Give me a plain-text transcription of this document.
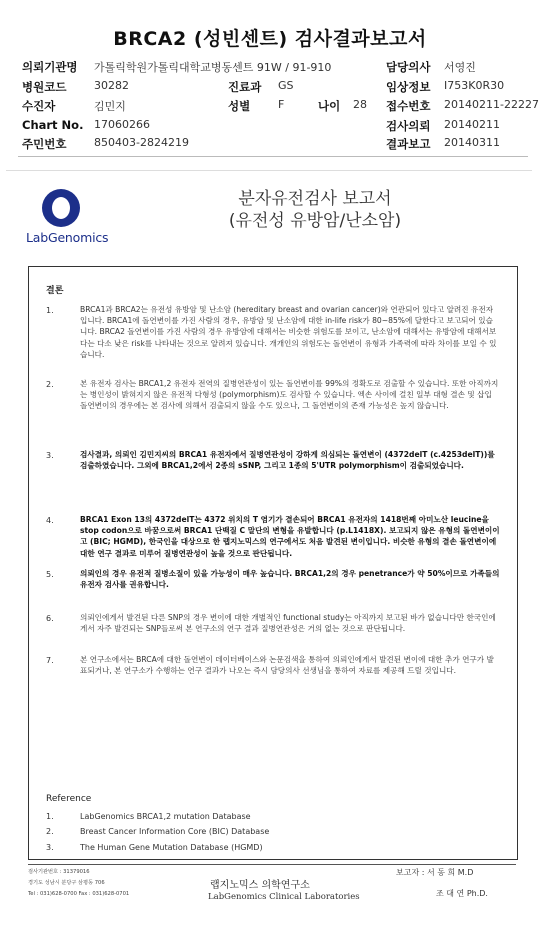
BRCA2 (성빈센트) 검사결과보고서
의뢰기관명 가톨릭학원가톨릭대학교병동센트 91W / 91-910	담당의사 서영진
병원코드	30282	진료과 GS	임상정보 I753K0R30
수진자	김민지	성별	F	나이 28 접수번호 20140211-22227
Chart No. 17060266	검사의뢰 20140211
주민번호	850403-2824219	결과보고 20140311
LabGenomics
분자유전검사 보고서
(유전성 유방암/난소암)
결론
1.	BRCA1과 BRCA2는 유전성 유방암 및 난소암 (hereditary breast and ovarian cancer)와 연관되어 있다고 알려진 유전자입니다. BRCA1에 돌연변이를 가진 사람의 경우, 유방암 및 난소암에 대한 in-life risk가 80~85%에 달한다고 보고되어 있습니다. BRCA2 돌연변이를 가진 사람의 경우 유방암에 대해서는 비슷한 위험도를 보이고, 난소암에 대해서는 유방암에 대해서보다는 다소 낮은 risk를 나타내는 것으로 알려져 있습니다. 개개인의 위험도는 돌연변이 유형과 가족력에 따라 차이를 보일 수 있습니다.
2.	본 유전자 검사는 BRCA1,2 유전자 전역의 질병연관성이 있는 돌연변이를 99%의 정확도로 검출할 수 있습니다. 또한 아직까지는 병인성이 밝혀지지 않은 유전적 다형성 (polymorphism)도 검사할 수 있습니다. 엑손 사이에 걸친 일부 대형 결손 및 삽입 돌연변이의 경우에는 본 검사에 의해서 검출되지 않을 수도 있으나, 그 돌연변이의 존재 가능성은 높지 않습니다.
3.	검사결과, 의뢰인 김민지씨의 BRCA1 유전자에서 질병연관성이 강하게 의심되는 돌연변이 (4372delT (c.4253delT))를 검출하였습니다. 그외에 BRCA1,2에서 2종의 sSNP, 그리고 1종의 5'UTR polymorphism이 검출되었습니다.
4.	BRCA1 Exon 13의 4372delT는 4372 위치의 T 염기가 결손되어 BRCA1 유전자의 1418번째 아미노산 leucine을 stop codon으로 바꿈으로써 BRCA1 단백질 C 말단의 변형을 유발합니다 (p.L1418X). 보고되지 않은 유형의 돌연변이이고 (BIC; HGMD), 한국인을 대상으로 한 랩지노믹스의 연구에서도 처음 발견된 변이입니다. 비슷한 유형의 결손 돌연변이에 대한 연구 결과로 미루어 질병연관성이 높을 것으로 판단됩니다.
5.	의뢰인의 경우 유전적 질병소질이 있을 가능성이 매우 높습니다. BRCA1,2의 경우 penetrance가 약 50%이므로 가족들의 유전자 검사를 권유합니다.
6.	의뢰인에게서 발견된 다른 SNP의 경우 변이에 대한 개별적인 functional study는 아직까지 보고된 바가 없습니다만 한국인에게서 자주 발견되는 SNP들로써 본 연구소의 연구 결과 질병연관성은 거의 없는 것으로 판단됩니다.
7.	본 연구소에서는 BRCA에 대한 돌연변이 데이터베이스와 논문검색을 통하여 의뢰인에게서 발견된 변이에 대한 추가 연구가 발표되거나, 본 연구소가 수행하는 연구 결과가 나오는 즉시 담당의사 선생님을 통하여 자료를 제공해 드릴 것입니다.
Reference
1.	LabGenomics BRCA1,2 mutation Database
2.	Breast Cancer Information Core (BIC) Database
3.	The Human Gene Mutation Database (HGMD)
검사기관번호 : 31379016
경기도 성남시 분당구 삼평동 706
Tel : 031)628-0700 Fax : 031)628-0701
랩지노믹스 의학연구소
LabGenomics Clinical Laboratories
보고자 : 서 동 희 M.D
조 대 연 Ph.D.
